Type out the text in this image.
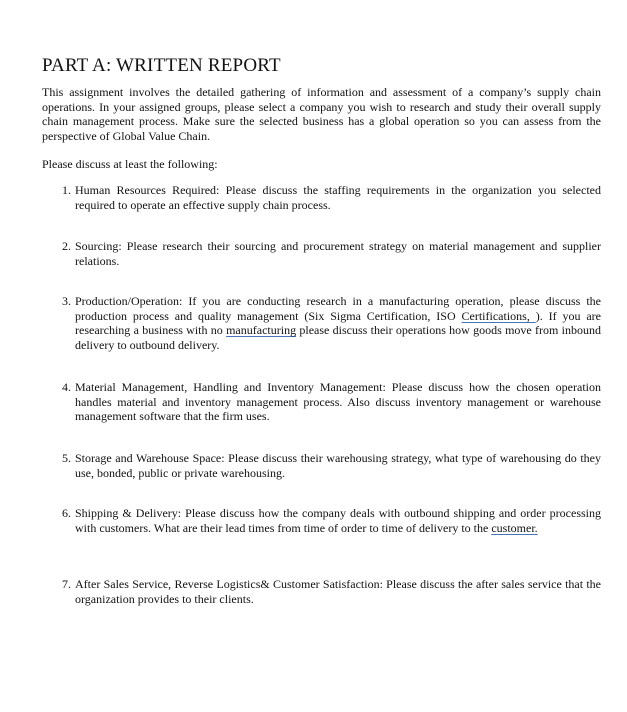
PART A: WRITTEN REPORT
This assignment involves the detailed gathering of information and assessment of a company’s supply chain operations. In your assigned groups, please select a company you wish to research and study their overall supply chain management process. Make sure the selected business has a global operation so you can assess from the perspective of Global Value Chain.
Please discuss at least the following:
1. Human Resources Required: Please discuss the staffing requirements in the organization you selected required to operate an effective supply chain process.
2. Sourcing: Please research their sourcing and procurement strategy on material management and supplier relations.
3. Production/Operation: If you are conducting research in a manufacturing operation, please discuss the production process and quality management (Six Sigma Certification, ISO Certifications, ). If you are researching a business with no manufacturing please discuss their operations how goods move from inbound delivery to outbound delivery.
4. Material Management, Handling and Inventory Management: Please discuss how the chosen operation handles material and inventory management process. Also discuss inventory management or warehouse management software that the firm uses.
5. Storage and Warehouse Space: Please discuss their warehousing strategy, what type of warehousing do they use, bonded, public or private warehousing.
6. Shipping & Delivery: Please discuss how the company deals with outbound shipping and order processing with customers. What are their lead times from time of order to time of delivery to the customer.
7. After Sales Service, Reverse Logistics& Customer Satisfaction: Please discuss the after sales service that the organization provides to their clients.
